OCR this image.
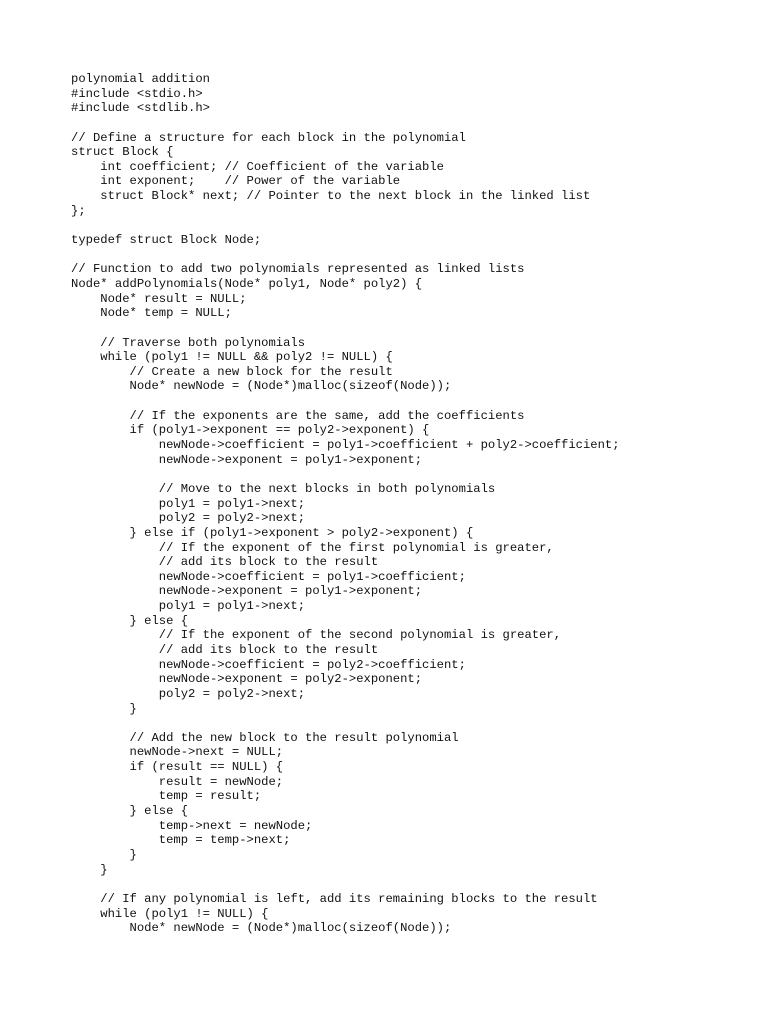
polynomial addition
#include <stdio.h>
#include <stdlib.h>
// Define a structure for each block in the polynomial
struct Block {
int coefficient; // Coefficient of the variable
int exponent;    // Power of the variable
struct Block* next; // Pointer to the next block in the linked list
};
typedef struct Block Node;
// Function to add two polynomials represented as linked lists
Node* addPolynomials(Node* poly1, Node* poly2) {
Node* result = NULL;
Node* temp = NULL;
// Traverse both polynomials
while (poly1 != NULL && poly2 != NULL) {
// Create a new block for the result
Node* newNode = (Node*)malloc(sizeof(Node));
// If the exponents are the same, add the coefficients
if (poly1->exponent == poly2->exponent) {
newNode->coefficient = poly1->coefficient + poly2->coefficient;
newNode->exponent = poly1->exponent;
// Move to the next blocks in both polynomials
poly1 = poly1->next;
poly2 = poly2->next;
} else if (poly1->exponent > poly2->exponent) {
// If the exponent of the first polynomial is greater,
// add its block to the result
newNode->coefficient = poly1->coefficient;
newNode->exponent = poly1->exponent;
poly1 = poly1->next;
} else {
// If the exponent of the second polynomial is greater,
// add its block to the result
newNode->coefficient = poly2->coefficient;
newNode->exponent = poly2->exponent;
poly2 = poly2->next;
}
// Add the new block to the result polynomial
newNode->next = NULL;
if (result == NULL) {
result = newNode;
temp = result;
} else {
temp->next = newNode;
temp = temp->next;
}
}
// If any polynomial is left, add its remaining blocks to the result
while (poly1 != NULL) {
Node* newNode = (Node*)malloc(sizeof(Node));
